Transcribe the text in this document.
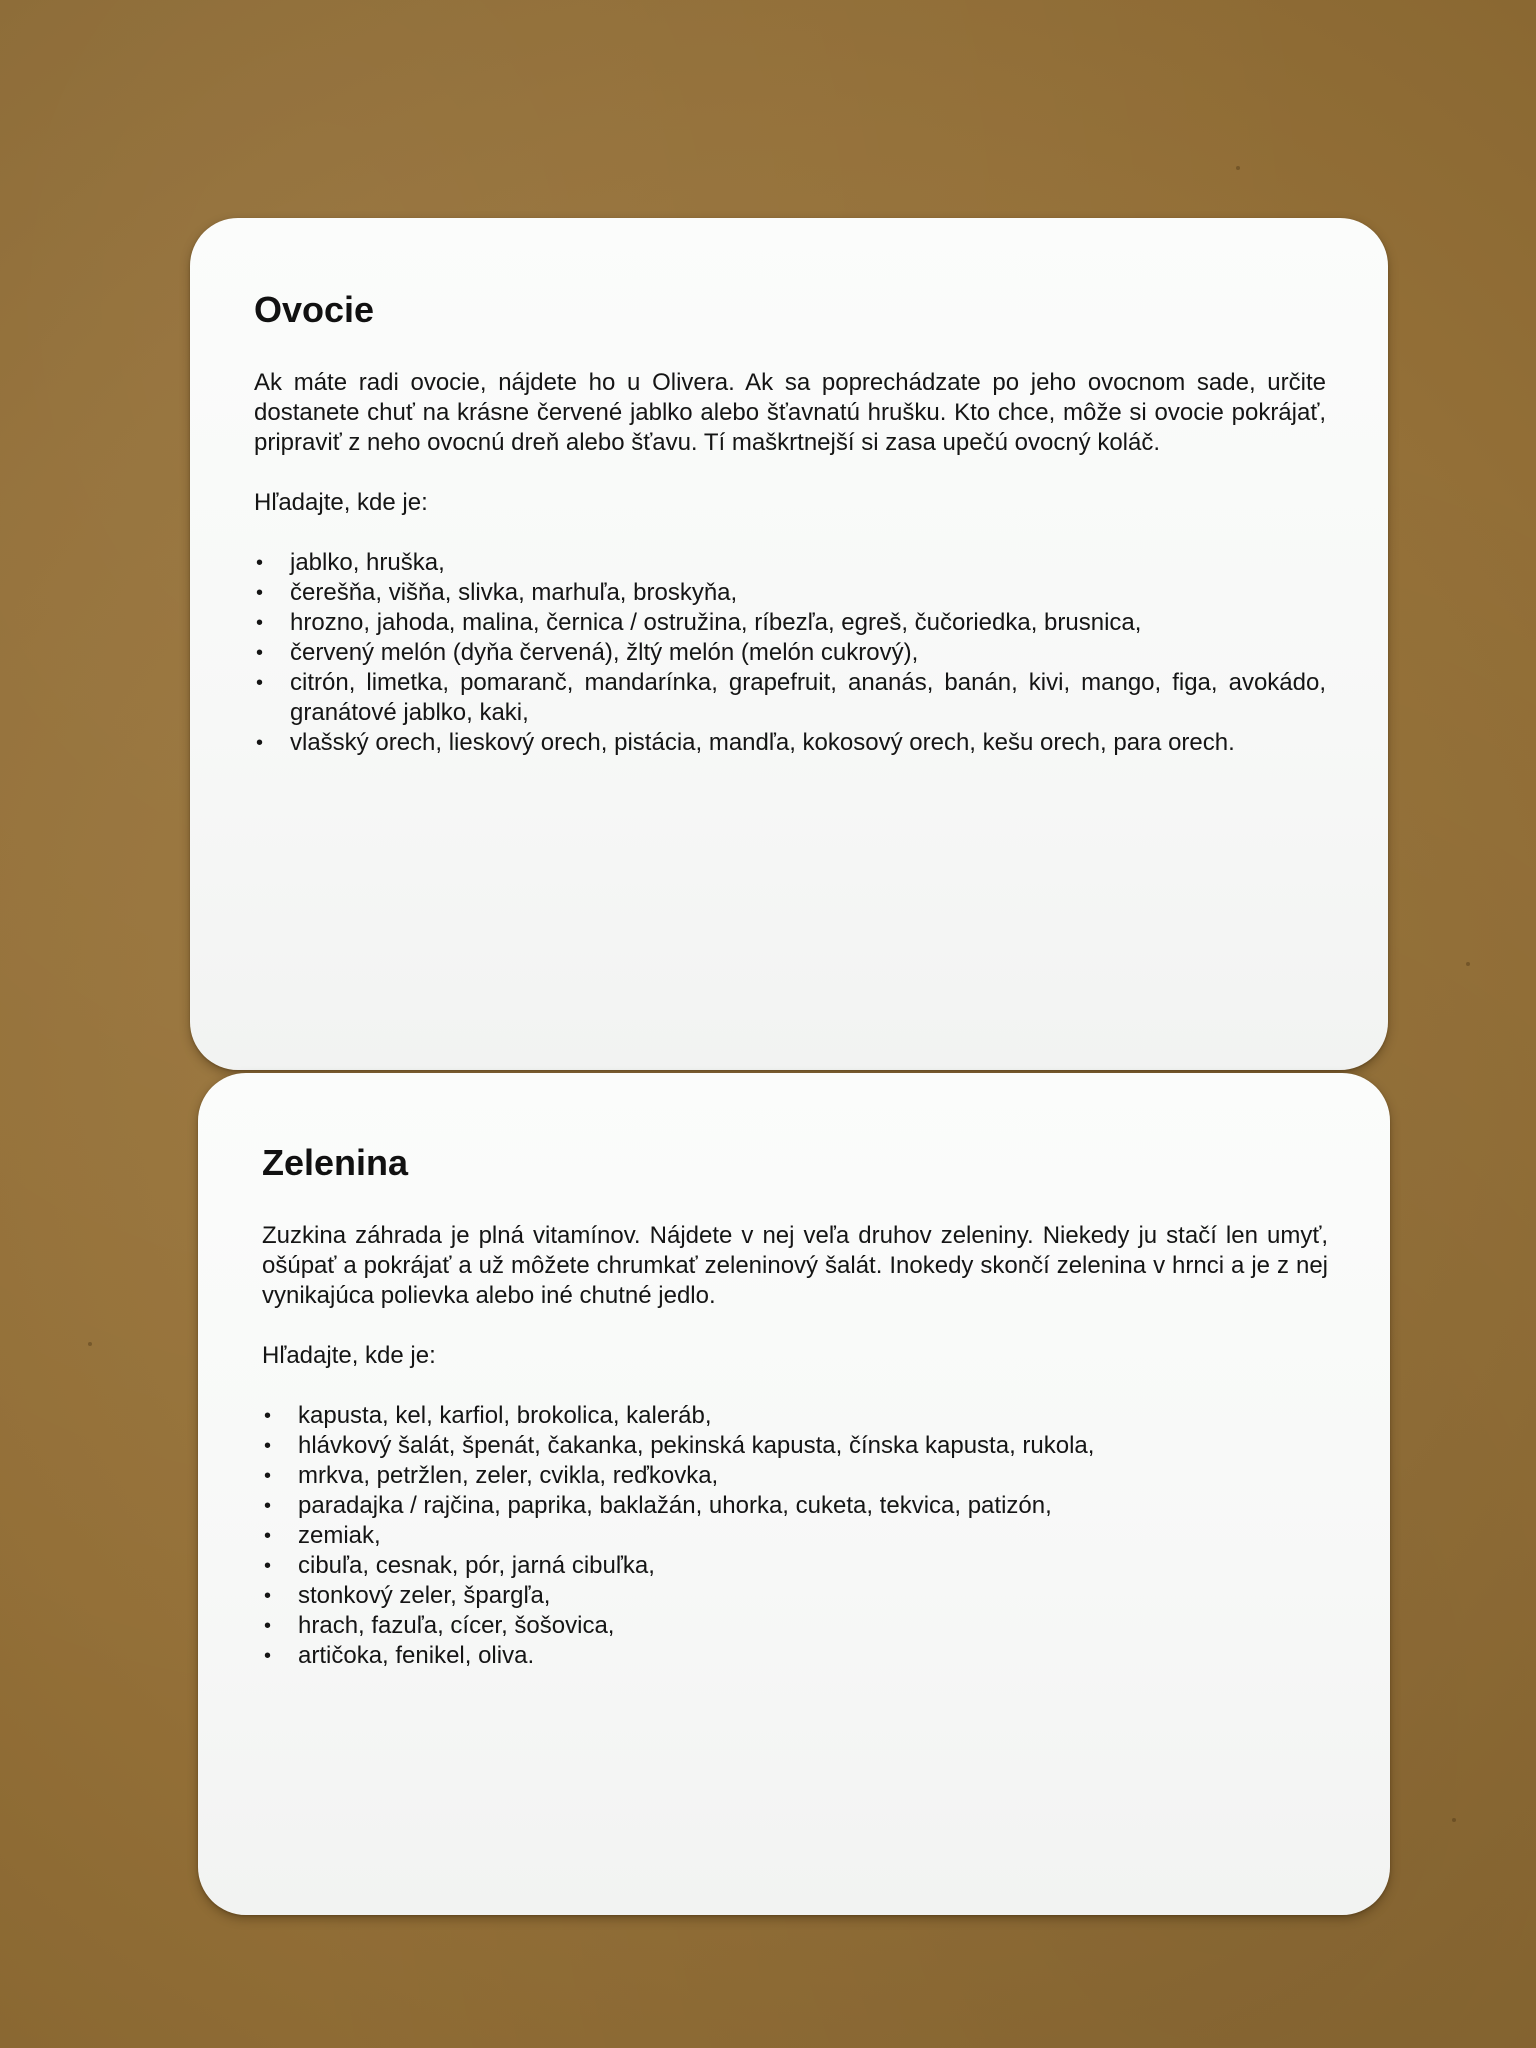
Ovocie

Ak máte radi ovocie, nájdete ho u Olivera. Ak sa poprechádzate po jeho ovocnom sade, určite dostanete chuť na krásne červené jablko alebo šťavnatú hrušku. Kto chce, môže si ovocie pokrájať, pripraviť z neho ovocnú dreň alebo šťavu. Tí maškrtnejší si zasa upečú ovocný koláč.

Hľadajte, kde je:

• jablko, hruška,
• čerešňa, višňa, slivka, marhuľa, broskyňa,
• hrozno, jahoda, malina, černica / ostružina, ríbezľa, egreš, čučoriedka, brusnica,
• červený melón (dyňa červená), žltý melón (melón cukrový),
• citrón, limetka, pomaranč, mandarínka, grapefruit, ananás, banán, kivi, mango, figa, avokádo, granátové jablko, kaki,
• vlašský orech, lieskový orech, pistácia, mandľa, kokosový orech, kešu orech, para orech.
Zelenina

Zuzkina záhrada je plná vitamínov. Nájdete v nej veľa druhov zeleniny. Niekedy ju stačí len umyť, ošúpať a pokrájať a už môžete chrumkať zeleninový šalát. Inokedy skončí zelenina v hrnci a je z nej vynikajúca polievka alebo iné chutné jedlo.

Hľadajte, kde je:

• kapusta, kel, karfiol, brokolica, kaleráb,
• hlávkový šalát, špenát, čakanka, pekinská kapusta, čínska kapusta, rukola,
• mrkva, petržlen, zeler, cvikla, reďkovka,
• paradajka / rajčina, paprika, baklažán, uhorka, cuketa, tekvica, patizón,
• zemiak,
• cibuľa, cesnak, pór, jarná cibuľka,
• stonkový zeler, špargľa,
• hrach, fazuľa, cícer, šošovica,
• artičoka, fenikel, oliva.
